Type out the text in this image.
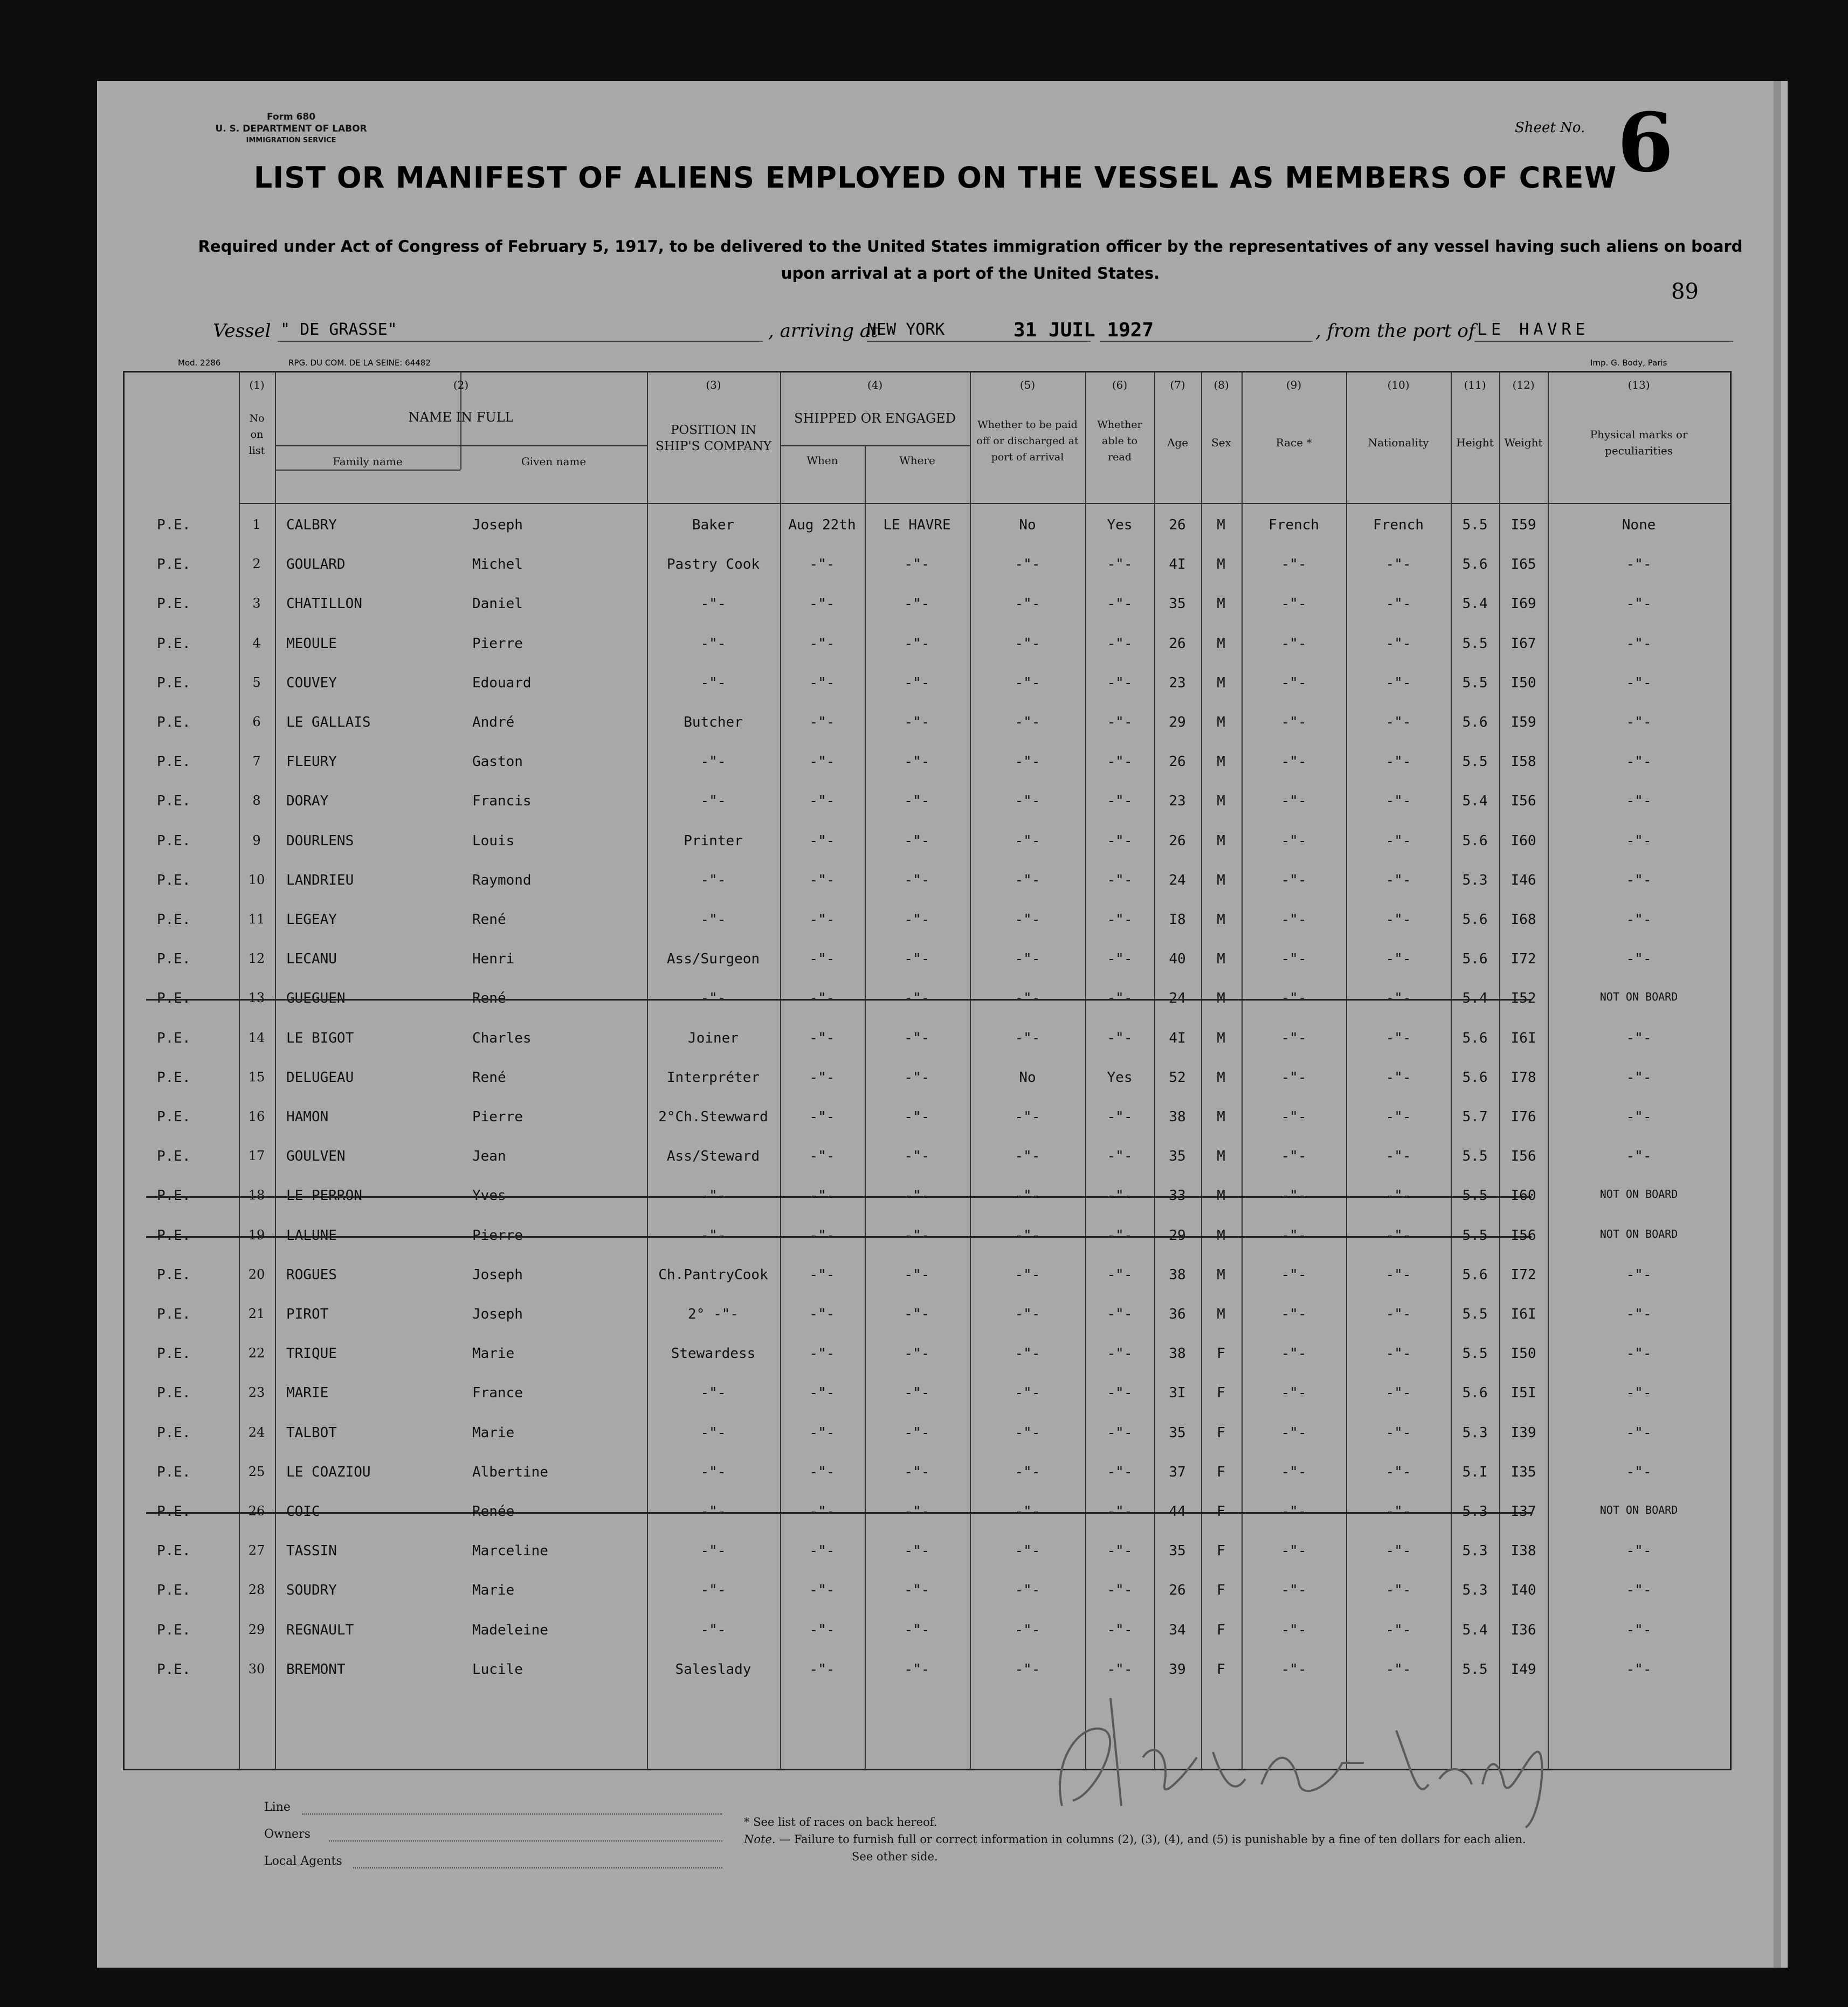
Form 680
U. S. DEPARTMENT OF LABOR
IMMIGRATION SERVICE
Sheet No. 6
LIST OR MANIFEST OF ALIENS EMPLOYED ON THE VESSEL AS MEMBERS OF CREW
Required under Act of Congress of February 5, 1917, to be delivered to the United States immigration officer by the representatives of any vessel having such aliens on board upon arrival at a port of the United States.
89
Vessel " DE GRASSE"	, arriving at
NEW YORK	31 JUIL 1927	, from the port of LE HAVRE
Mod. 2286	RPG. DU COM. DE LA SEINE: 64482	Imp. G. Body, Paris
(1)
No on list
(2)
NAME IN FULL
Family name	Given name
(3)
POSITION IN SHIP'S COMPANY
(4)
SHIPPED OR ENGAGED
When	Where
(5)
Whether to be paid off or discharged at port of arrival
(6)
Whether able to read
(7)
Age
(8)
Sex
(9)
Race *
(10)
Nationality
(11)
Height
(12)
Weight
(13)
Physical marks or peculiarities
P.E.	1 CALBRY	Joseph	Baker	Aug 22th LE HAVRE	No	Yes	26 M	French	French	5.5 I59	None
P.E.	2 GOULARD	Michel	Pastry Cook	-"-	-"-	-"-	-"-	4I M	-"-	-"-	5.6 I65	-"-
P.E.	3 CHATILLON	Daniel	-"-	-"-	-"-	-"-	-"-	35 M	-"-	-"-	5.4 I69	-"-
P.E.	4 MEOULE	Pierre	-"-	-"-	-"-	-"-	-"-	26 M	-"-	-"-	5.5 I67	-"-
P.E.	5 COUVEY	Edouard	-"-	-"-	-"-	-"-	-"-	23 M	-"-	-"-	5.5 I50	-"-
P.E.	6 LE GALLAIS	André	Butcher	-"-	-"-	-"-	-"-	29 M	-"-	-"-	5.6 I59	-"-
P.E.	7 FLEURY	Gaston	-"-	-"-	-"-	-"-	-"-	26 M	-"-	-"-	5.5 I58	-"-
P.E.	8 DORAY	Francis	-"-	-"-	-"-	-"-	-"-	23 M	-"-	-"-	5.4 I56	-"-
P.E.	9 DOURLENS	Louis	Printer	-"-	-"-	-"-	-"-	26 M	-"-	-"-	5.6 I60	-"-
P.E.	10 LANDRIEU	Raymond	-"-	-"-	-"-	-"-	-"-	24 M	-"-	-"-	5.3 I46	-"-
P.E.	11 LEGEAY	René	-"-	-"-	-"-	-"-	-"-	I8 M	-"-	-"-	5.6 I68	-"-
P.E.	12 LECANU	Henri	Ass/Surgeon	-"-	-"-	-"-	-"-	40 M	-"-	-"-	5.6 I72	-"-
P.E.	13 GUEGUEN	René	-"-	-"-	-"-	-"-	-"-	24 M	-"-	-"-	5.4 I52	NOT ON BOARD
P.E.	14 LE BIGOT	Charles	Joiner	-"-	-"-	-"-	-"-	4I M	-"-	-"-	5.6 I6I	-"-
P.E.	15 DELUGEAU	René	Interpréter	-"-	-"-	No	Yes	52 M	-"-	-"-	5.6 I78	-"-
P.E.	16 HAMON	Pierre	2°Ch.Stewward	-"-	-"-	-"-	-"-	38 M	-"-	-"-	5.7 I76	-"-
P.E.	17 GOULVEN	Jean	Ass/Steward	-"-	-"-	-"-	-"-	35 M	-"-	-"-	5.5 I56	-"-
P.E.	18 LE PERRON	Yves	-"-	-"-	-"-	-"-	-"-	33 M	-"-	-"-	5.5 I60	NOT ON BOARD
P.E.	19 LALUNE	Pierre	-"-	-"-	-"-	-"-	-"-	29 M	-"-	-"-	5.5 I56	NOT ON BOARD
P.E.	20 ROGUES	Joseph	Ch.PantryCook	-"-	-"-	-"-	-"-	38 M	-"-	-"-	5.6 I72	-"-
P.E.	21 PIROT	Joseph	2° -"-	-"-	-"-	-"-	-"-	36 M	-"-	-"-	5.5 I6I	-"-
P.E.	22 TRIQUE	Marie	Stewardess	-"-	-"-	-"-	-"-	38 F	-"-	-"-	5.5 I50	-"-
P.E.	23 MARIE	France	-"-	-"-	-"-	-"-	-"-	3I F	-"-	-"-	5.6 I5I	-"-
P.E.	24 TALBOT	Marie	-"-	-"-	-"-	-"-	-"-	35 F	-"-	-"-	5.3 I39	-"-
P.E.	25 LE COAZIOU	Albertine	-"-	-"-	-"-	-"-	-"-	37 F	-"-	-"-	5.I I35	-"-
P.E.	26 COIC	Renée	-"-	-"-	-"-	-"-	-"-	44 F	-"-	-"-	5.3 I37	NOT ON BOARD
P.E.	27 TASSIN	Marceline	-"-	-"-	-"-	-"-	-"-	35 F	-"-	-"-	5.3 I38	-"-
P.E.	28 SOUDRY	Marie	-"-	-"-	-"-	-"-	-"-	26 F	-"-	-"-	5.3 I40	-"-
P.E.	29 REGNAULT	Madeleine	-"-	-"-	-"-	-"-	-"-	34 F	-"-	-"-	5.4 I36	-"-
P.E.	30 BREMONT	Lucile	Saleslady	-"-	-"-	-"-	-"-	39 F	-"-	-"-	5.5 I49	-"-
Line
Owners
Local Agents
* See list of races on back hereof.
Note. — Failure to furnish full or correct information in columns (2), (3), (4), and (5) is punishable by a fine of ten dollars for each alien.
See other side.
